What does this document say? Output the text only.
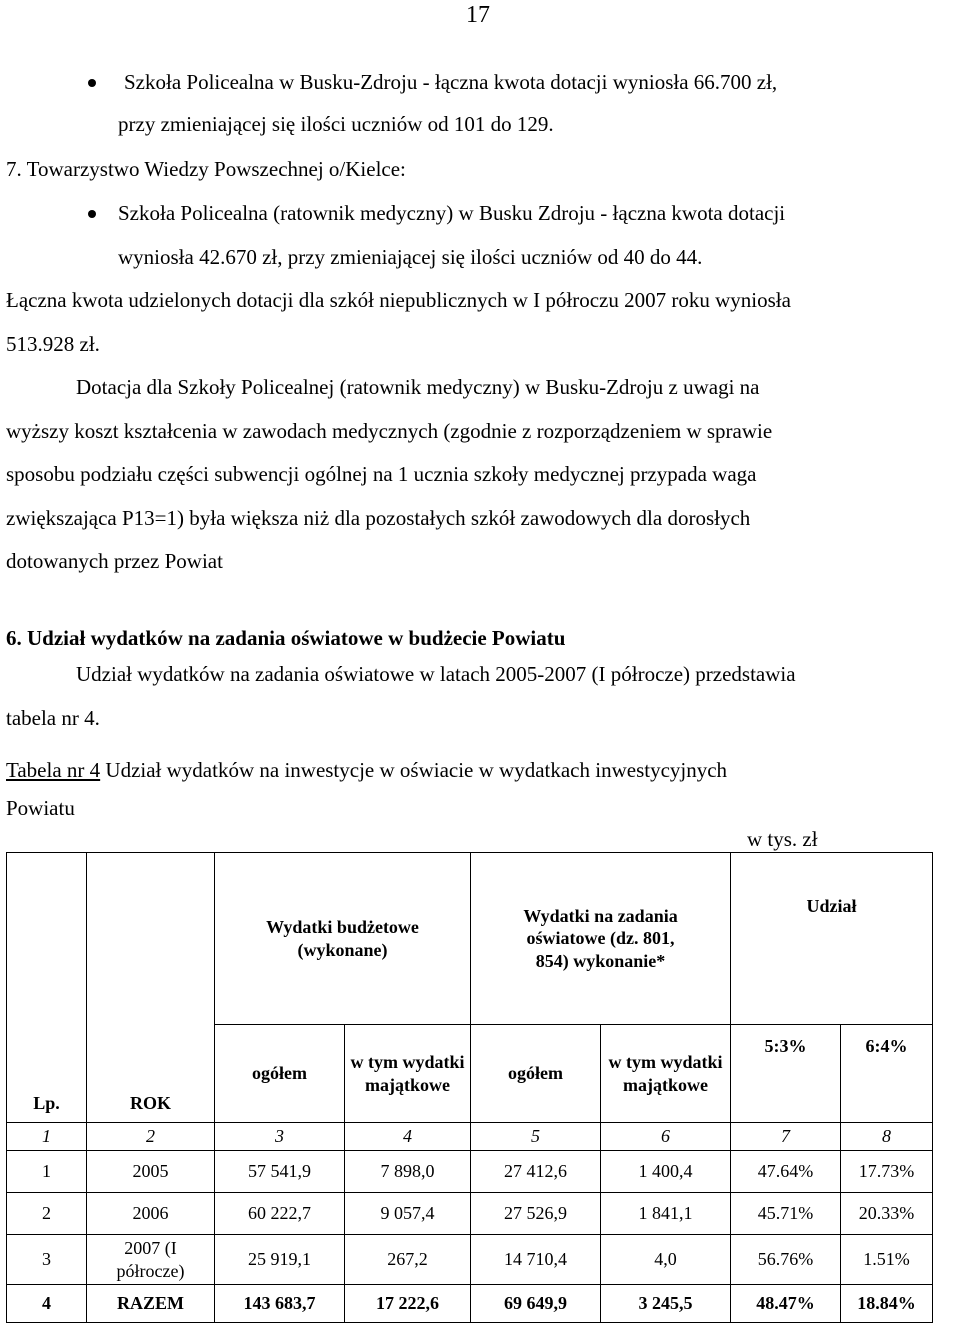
17
Szkoła Policealna w Busku-Zdroju - łączna kwota dotacji wyniosła 66.700 zł,
przy zmieniającej się ilości uczniów od 101 do 129.
7. Towarzystwo Wiedzy Powszechnej o/Kielce:
Szkoła Policealna (ratownik medyczny) w Busku Zdroju - łączna kwota dotacji
wyniosła 42.670 zł, przy zmieniającej się ilości uczniów od 40 do 44.
Łączna kwota udzielonych dotacji dla szkół niepublicznych w I półroczu 2007 roku wyniosła
513.928 zł.
Dotacja dla Szkoły Policealnej (ratownik medyczny) w Busku-Zdroju z uwagi na
wyższy koszt kształcenia w zawodach medycznych (zgodnie z rozporządzeniem w sprawie
sposobu podziału części subwencji ogólnej na 1 ucznia szkoły medycznej przypada waga
zwiększająca P13=1) była większa niż dla pozostałych szkół zawodowych dla dorosłych
dotowanych przez Powiat
6. Udział wydatków na zadania oświatowe w budżecie Powiatu
Udział wydatków na zadania oświatowe w latach 2005-2007 (I półrocze) przedstawia
tabela nr 4.
Tabela nr 4 Udział wydatków na inwestycje w oświacie w wydatkach inwestycyjnych
Powiatu
w tys. zł
Lp.	ROK	Wydatki budżetowe (wykonane)		Wydatki na zadania oświatowe (dz. 801, 854) wykonanie*		Udział	
		ogółem	w tym wydatki majątkowe	ogółem	w tym wydatki majątkowe	5:3%	6:4%
1	2	3	4	5	6	7	8
1	2005	57 541,9	7 898,0	27 412,6	1 400,4	47.64%	17.73%
2	2006	60 222,7	9 057,4	27 526,9	1 841,1	45.71%	20.33%
3	2007 (I półrocze)	25 919,1	267,2	14 710,4	4,0	56.76%	1.51%
4	RAZEM	143 683,7	17 222,6	69 649,9	3 245,5	48.47%	18.84%
